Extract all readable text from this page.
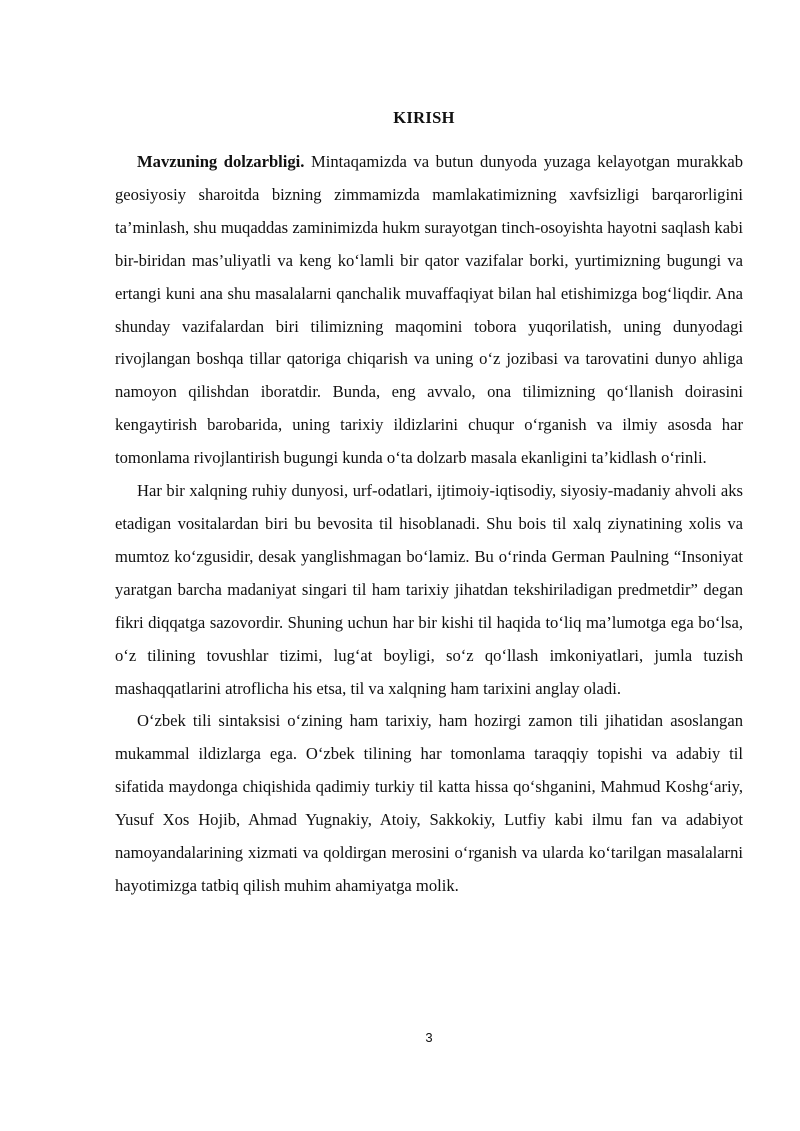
KIRISH

Mavzuning dolzarbligi. Mintaqamizda va butun dunyoda yuzaga kelayotgan murakkab geosiyosiy sharoitda bizning zimmamizda mamlakatimizning xavfsizligi barqarorligini ta’minlash, shu muqaddas zaminimizda hukm surayotgan tinch-osoyishta hayotni saqlash kabi bir-biridan mas’uliyatli va keng koʻlamli bir qator vazifalar borki, yurtimizning bugungi va ertangi kuni ana shu masalalarni qanchalik muvaffaqiyat bilan hal etishimizga bogʻliqdir. Ana shunday vazifalardan biri tilimizning maqomini tobora yuqorilatish, uning dunyodagi rivojlangan boshqa tillar qatoriga chiqarish va uning oʻz jozibasi va tarovatini dunyo ahliga namoyon qilishdan iboratdir. Bunda, eng avvalo, ona tilimizning qoʻllanish doirasini kengaytirish barobarida, uning tarixiy ildizlarini chuqur oʻrganish va ilmiy asosda har tomonlama rivojlantirish bugungi kunda oʻta dolzarb masala ekanligini ta’kidlash oʻrinli.

Har bir xalqning ruhiy dunyosi, urf-odatlari, ijtimoiy-iqtisodiy, siyosiy-madaniy ahvoli aks etadigan vositalardan biri bu bevosita til hisoblanadi. Shu bois til xalq ziynatining xolis va mumtoz koʻzgusidir, desak yanglishmagan boʻlamiz. Bu oʻrinda German Paulning “Insoniyat yaratgan barcha madaniyat singari til ham tarixiy jihatdan tekshiriladigan predmetdir” degan fikri diqqatga sazovordir. Shuning uchun har bir kishi til haqida toʻliq ma’lumotga ega boʻlsa, oʻz tilining tovushlar tizimi, lugʻat boyligi, soʻz qoʻllash imkoniyatlari, jumla tuzish mashaqqatlarini atroflicha his etsa, til va xalqning ham tarixini anglay oladi.

Oʻzbek tili sintaksisi oʻzining ham tarixiy, ham hozirgi zamon tili jihatidan asoslangan mukammal ildizlarga ega. Oʻzbek tilining har tomonlama taraqqiy topishi va adabiy til sifatida maydonga chiqishida qadimiy turkiy til katta hissa qoʻshganini, Mahmud Koshgʻariy, Yusuf Xos Hojib, Ahmad Yugnakiy, Atoiy, Sakkokiy, Lutfiy kabi ilmu fan va adabiyot namoyandalarining xizmati va qoldirgan merosini oʻrganish va ularda koʻtarilgan masalalarni hayotimizga tatbiq qilish muhim ahamiyatga molik.

3
